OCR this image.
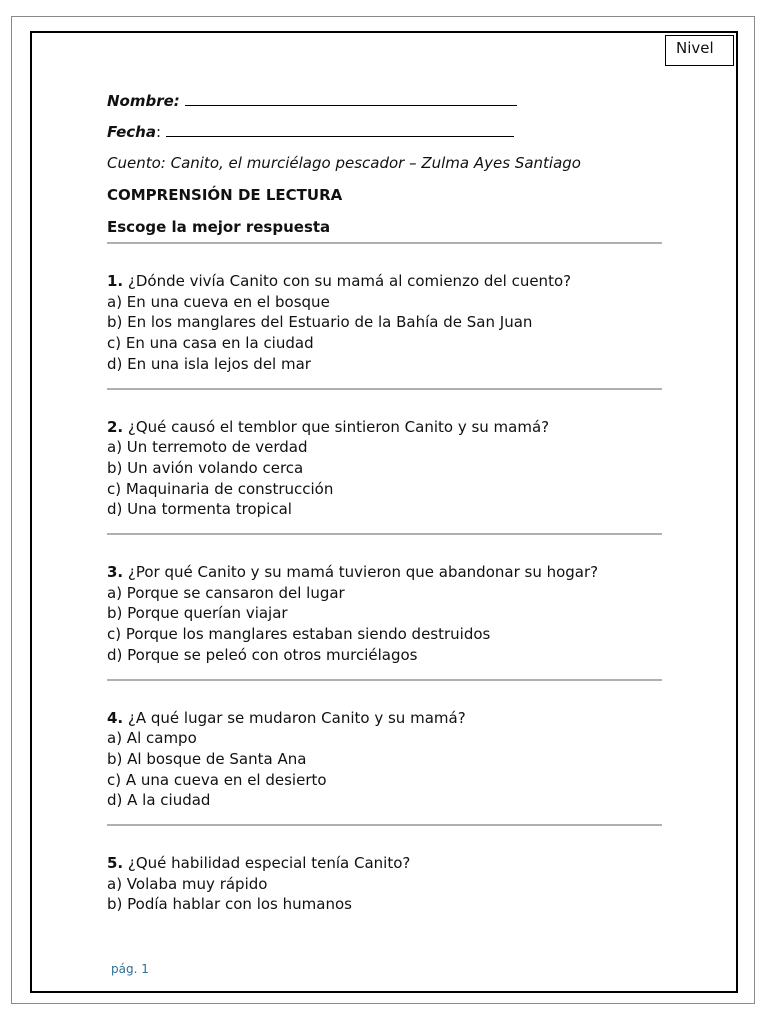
Nivel
Nombre:
Fecha:
Cuento: Canito, el murciélago pescador – Zulma Ayes Santiago
COMPRENSIÓN DE LECTURA
Escoge la mejor respuesta
1. ¿Dónde vivía Canito con su mamá al comienzo del cuento?
a) En una cueva en el bosque
b) En los manglares del Estuario de la Bahía de San Juan
c) En una casa en la ciudad
d) En una isla lejos del mar
2. ¿Qué causó el temblor que sintieron Canito y su mamá?
a) Un terremoto de verdad
b) Un avión volando cerca
c) Maquinaria de construcción
d) Una tormenta tropical
3. ¿Por qué Canito y su mamá tuvieron que abandonar su hogar?
a) Porque se cansaron del lugar
b) Porque querían viajar
c) Porque los manglares estaban siendo destruidos
d) Porque se peleó con otros murciélagos
4. ¿A qué lugar se mudaron Canito y su mamá?
a) Al campo
b) Al bosque de Santa Ana
c) A una cueva en el desierto
d) A la ciudad
5. ¿Qué habilidad especial tenía Canito?
a) Volaba muy rápido
b) Podía hablar con los humanos
pág. 1
